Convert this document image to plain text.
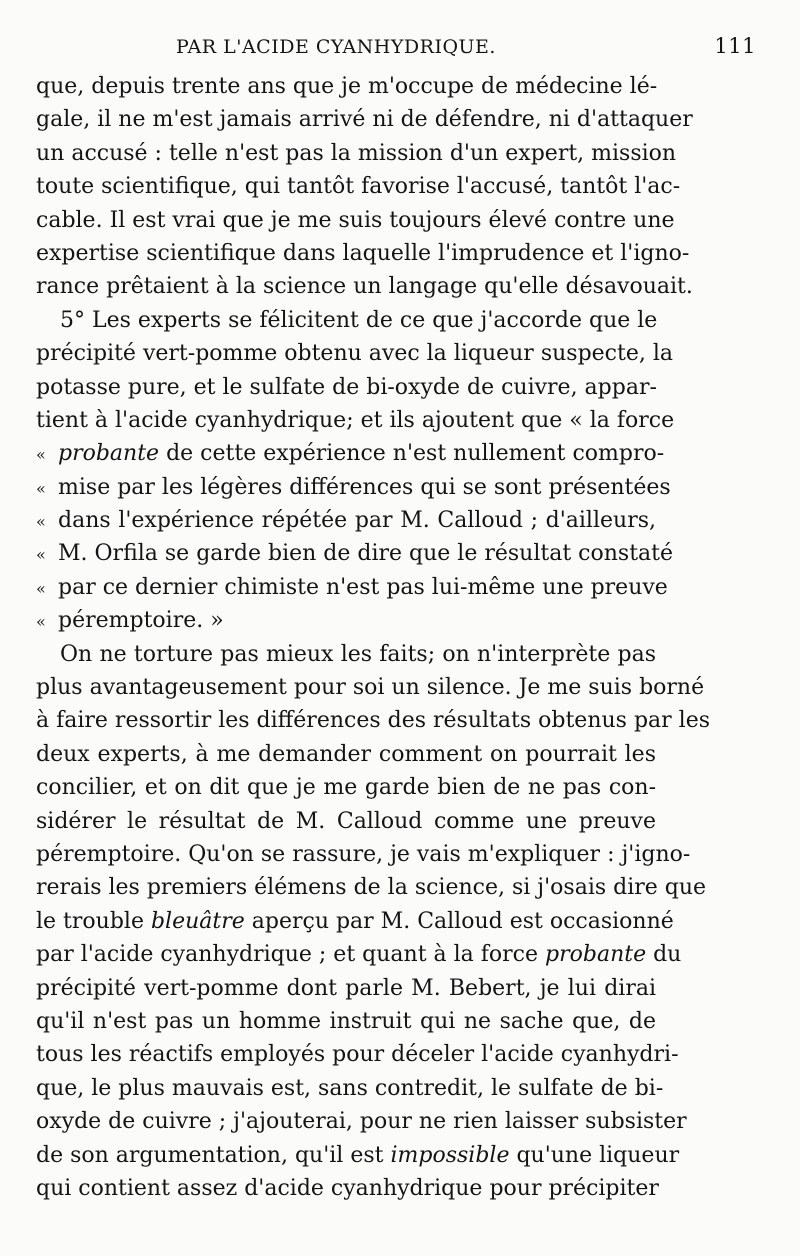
PAR L'ACIDE CYANHYDRIQUE.	111
que, depuis trente ans que je m'occupe de médecine lé-
gale, il ne m'est jamais arrivé ni de défendre, ni d'attaquer
un accusé : telle n'est pas la mission d'un expert, mission
toute scientifique, qui tantôt favorise l'accusé, tantôt l'ac-
cable. Il est vrai que je me suis toujours élevé contre une
expertise scientifique dans laquelle l'imprudence et l'igno-
rance prêtaient à la science un langage qu'elle désavouait.
5° Les experts se félicitent de ce que j'accorde que le
précipité vert-pomme obtenu avec la liqueur suspecte, la
potasse pure, et le sulfate de bi-oxyde de cuivre, appar-
tient à l'acide cyanhydrique; et ils ajoutent que « la force
« probante de cette expérience n'est nullement compro-
« mise par les légères différences qui se sont présentées
« dans l'expérience répétée par M. Calloud ; d'ailleurs,
« M. Orfila se garde bien de dire que le résultat constaté
« par ce dernier chimiste n'est pas lui-même une preuve
« péremptoire. »
On ne torture pas mieux les faits; on n'interprète pas
plus avantageusement pour soi un silence. Je me suis borné
à faire ressortir les différences des résultats obtenus par les
deux experts, à me demander comment on pourrait les
concilier, et on dit que je me garde bien de ne pas con-
sidérer le résultat de M. Calloud comme une preuve
péremptoire. Qu'on se rassure, je vais m'expliquer : j'igno-
rerais les premiers élémens de la science, si j'osais dire que
le trouble bleuâtre aperçu par M. Calloud est occasionné
par l'acide cyanhydrique ; et quant à la force probante du
précipité vert-pomme dont parle M. Bebert, je lui dirai
qu'il n'est pas un homme instruit qui ne sache que, de
tous les réactifs employés pour déceler l'acide cyanhydri-
que, le plus mauvais est, sans contredit, le sulfate de bi-
oxyde de cuivre ; j'ajouterai, pour ne rien laisser subsister
de son argumentation, qu'il est impossible qu'une liqueur
qui contient assez d'acide cyanhydrique pour précipiter
